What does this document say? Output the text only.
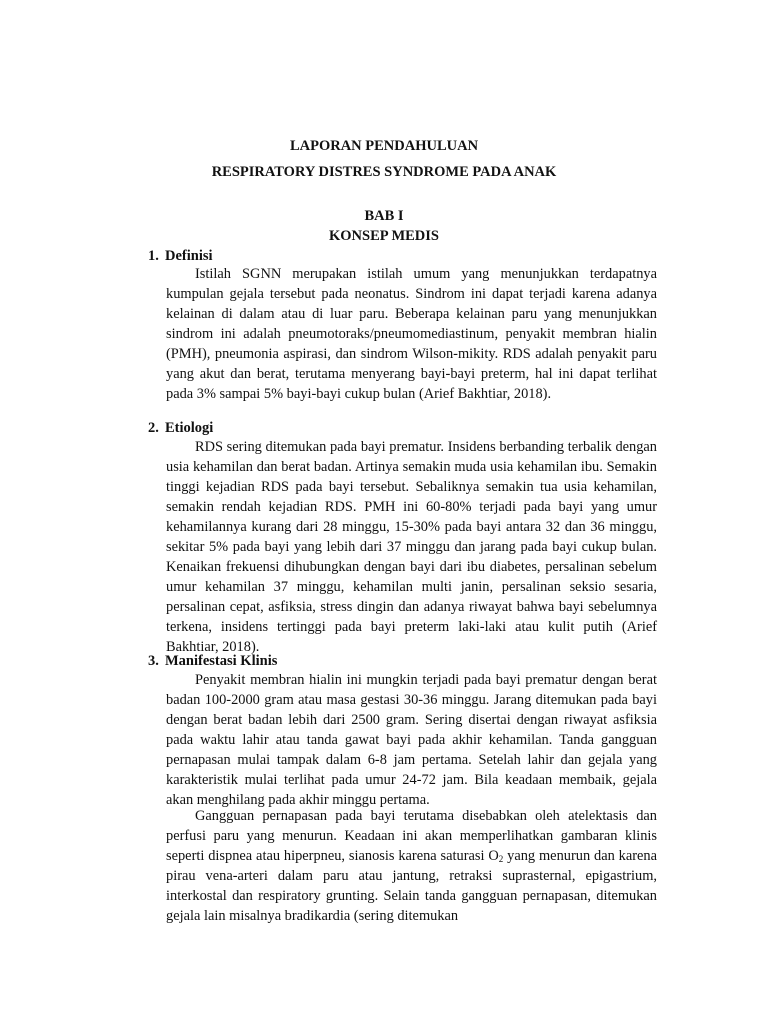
LAPORAN PENDAHULUAN
RESPIRATORY DISTRES SYNDROME PADA ANAK
BAB I
KONSEP MEDIS
1. Definisi

Istilah SGNN merupakan istilah umum yang menunjukkan terdapatnya kumpulan gejala tersebut pada neonatus. Sindrom ini dapat terjadi karena adanya kelainan di dalam atau di luar paru. Beberapa kelainan paru yang menunjukkan sindrom ini adalah pneumotoraks/pneumomediastinum, penyakit membran hialin (PMH), pneumonia aspirasi, dan sindrom Wilson-mikity. RDS adalah penyakit paru yang akut dan berat, terutama menyerang bayi-bayi preterm, hal ini dapat terlihat pada 3% sampai 5% bayi-bayi cukup bulan (Arief Bakhtiar, 2018).

2. Etiologi

RDS sering ditemukan pada bayi prematur. Insidens berbanding terbalik dengan usia kehamilan dan berat badan. Artinya semakin muda usia kehamilan ibu. Semakin tinggi kejadian RDS pada bayi tersebut. Sebaliknya semakin tua usia kehamilan, semakin rendah kejadian RDS. PMH ini 60-80% terjadi pada bayi yang umur kehamilannya kurang dari 28 minggu, 15-30% pada bayi antara 32 dan 36 minggu, sekitar 5% pada bayi yang lebih dari 37 minggu dan jarang pada bayi cukup bulan. Kenaikan frekuensi dihubungkan dengan bayi dari ibu diabetes, persalinan sebelum umur kehamilan 37 minggu, kehamilan multi janin, persalinan seksio sesaria, persalinan cepat, asfiksia, stress dingin dan adanya riwayat bahwa bayi sebelumnya terkena, insidens tertinggi pada bayi preterm laki-laki atau kulit putih (Arief Bakhtiar, 2018).

3. Manifestasi Klinis

Penyakit membran hialin ini mungkin terjadi pada bayi prematur dengan berat badan 100-2000 gram atau masa gestasi 30-36 minggu. Jarang ditemukan pada bayi dengan berat badan lebih dari 2500 gram. Sering disertai dengan riwayat asfiksia pada waktu lahir atau tanda gawat bayi pada akhir kehamilan. Tanda gangguan pernapasan mulai tampak dalam 6-8 jam pertama. Setelah lahir dan gejala yang karakteristik mulai terlihat pada umur 24-72 jam. Bila keadaan membaik, gejala akan menghilang pada akhir minggu pertama.

Gangguan pernapasan pada bayi terutama disebabkan oleh atelektasis dan perfusi paru yang menurun. Keadaan ini akan memperlihatkan gambaran klinis seperti dispnea atau hiperpneu, sianosis karena saturasi $O_2$ yang menurun dan karena pirau vena-arteri dalam paru atau jantung, retraksi suprasternal, epigastrium, interkostal dan respiratory grunting. Selain tanda gangguan pernapasan, ditemukan gejala lain misalnya bradikardia (sering ditemukan
